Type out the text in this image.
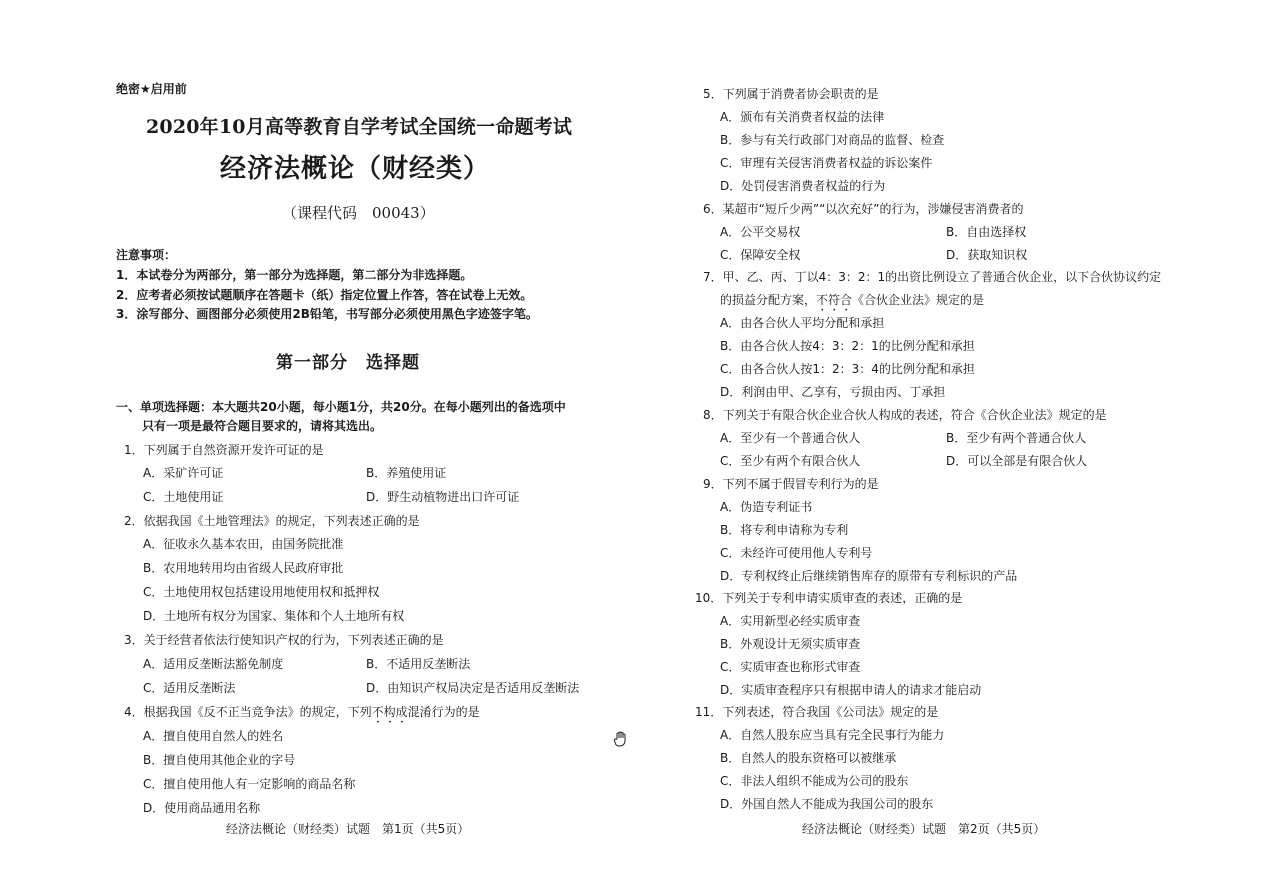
绝密★启用前
2020年10月高等教育自学考试全国统一命题考试
经济法概论（财经类）
（课程代码　00043）
注意事项：
1．本试卷分为两部分，第一部分为选择题，第二部分为非选择题。
2．应考者必须按试题顺序在答题卡（纸）指定位置上作答，答在试卷上无效。
3．涂写部分、画图部分必须使用2B铅笔，书写部分必须使用黑色字迹签字笔。
第一部分　选择题
一、单项选择题：本大题共20小题，每小题1分，共20分。在每小题列出的备选项中
只有一项是最符合题目要求的，请将其选出。
1．下列属于自然资源开发许可证的是
A．采矿许可证	B．养殖使用证
C．土地使用证	D．野生动植物进出口许可证
2．依据我国《土地管理法》的规定，下列表述正确的是
A．征收永久基本农田，由国务院批准
B．农用地转用均由省级人民政府审批
C．土地使用权包括建设用地使用权和抵押权
D．土地所有权分为国家、集体和个人土地所有权
3．关于经营者依法行使知识产权的行为，下列表述正确的是
A．适用反垄断法豁免制度	B．不适用反垄断法
C．适用反垄断法	D．由知识产权局决定是否适用反垄断法
4．根据我国《反不正当竞争法》的规定，下列不构成混淆行为的是
A．擅自使用自然人的姓名
B．擅自使用其他企业的字号
C．擅自使用他人有一定影响的商品名称
D．使用商品通用名称
经济法概论（财经类）试题　第1页（共5页）
5．下列属于消费者协会职责的是
A．颁布有关消费者权益的法律
B．参与有关行政部门对商品的监督、检查
C．审理有关侵害消费者权益的诉讼案件
D．处罚侵害消费者权益的行为
6．某超市“短斤少两”“以次充好”的行为，涉嫌侵害消费者的
A．公平交易权	B．自由选择权
C．保障安全权	D．获取知识权
7．甲、乙、丙、丁以4：3：2：1的出资比例设立了普通合伙企业，以下合伙协议约定
的损益分配方案，不符合《合伙企业法》规定的是
A．由各合伙人平均分配和承担
B．由各合伙人按4：3：2：1的比例分配和承担
C．由各合伙人按1：2：3：4的比例分配和承担
D．利润由甲、乙享有，亏损由丙、丁承担
8．下列关于有限合伙企业合伙人构成的表述，符合《合伙企业法》规定的是
A．至少有一个普通合伙人	B．至少有两个普通合伙人
C．至少有两个有限合伙人	D．可以全部是有限合伙人
9．下列不属于假冒专利行为的是
A．伪造专利证书
B．将专利申请称为专利
C．未经许可使用他人专利号
D．专利权终止后继续销售库存的原带有专利标识的产品
10．下列关于专利申请实质审查的表述，正确的是
A．实用新型必经实质审查
B．外观设计无须实质审查
C．实质审查也称形式审查
D．实质审查程序只有根据申请人的请求才能启动
11．下列表述，符合我国《公司法》规定的是
A．自然人股东应当具有完全民事行为能力
B．自然人的股东资格可以被继承
C．非法人组织不能成为公司的股东
D．外国自然人不能成为我国公司的股东
经济法概论（财经类）试题　第2页（共5页）
